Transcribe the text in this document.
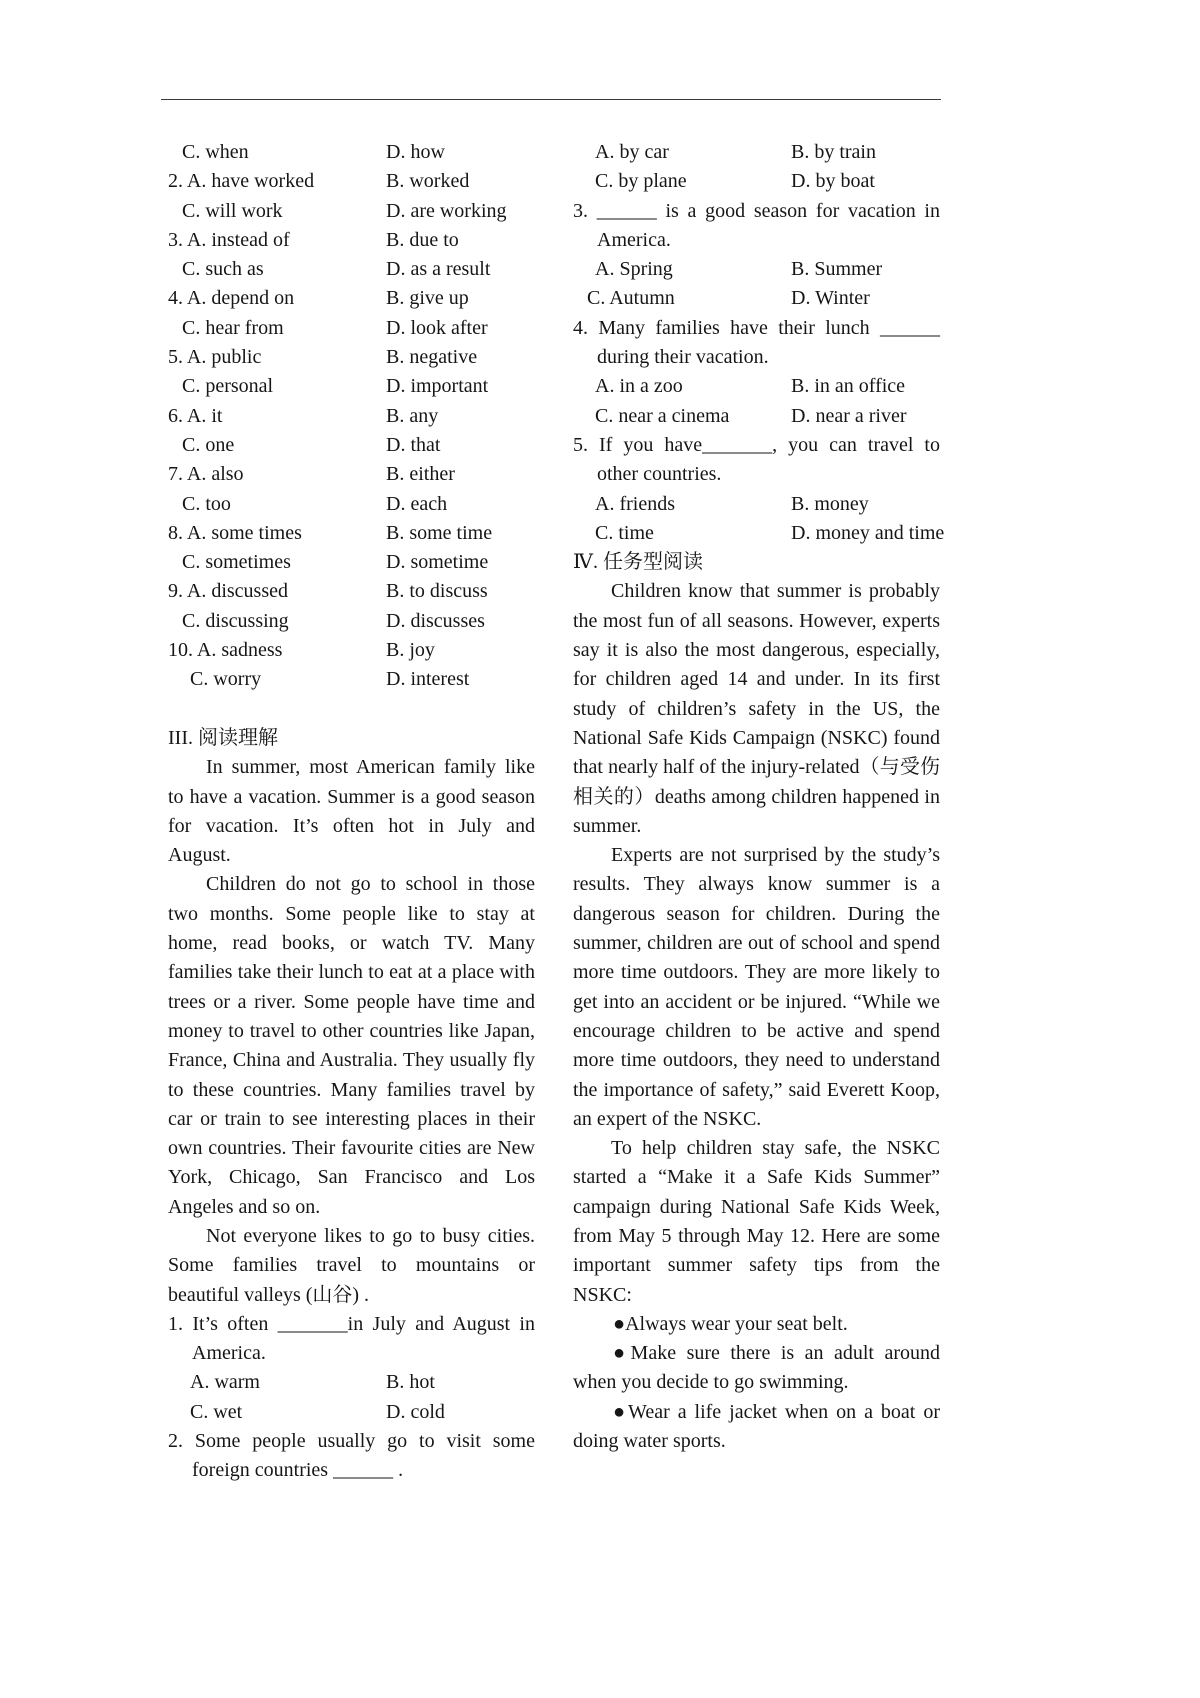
C. when	D. how
2. A. have worked	B. worked
C. will work	D. are working
3. A. instead of	B. due to
C. such as	D. as a result
4. A. depend on	B. give up
C. hear from	D. look after
5. A. public	B. negative
C. personal	D. important
6. A. it	B. any
C. one	D. that
7. A. also	B. either
C. too	D. each
8. A. some times	B. some time
C. sometimes	D. sometime
9. A. discussed	B. to discuss
C. discussing	D. discusses
10. A. sadness	B. joy
C. worry	D. interest
III. 阅读理解
In summer, most American family like to have a vacation. Summer is a good season for vacation. It’s often hot in July and August.
Children do not go to school in those two months. Some people like to stay at home, read books, or watch TV. Many families take their lunch to eat at a place with trees or a river. Some people have time and money to travel to other countries like Japan, France, China and Australia. They usually fly to these countries. Many families travel by car or train to see interesting places in their own countries. Their favourite cities are New York, Chicago, San Francisco and Los Angeles and so on.
Not everyone likes to go to busy cities. Some families travel to mountains or beautiful valleys (山谷) .
1. It’s often _______in July and August in America.
A. warm	B. hot
C. wet	D. cold
2. Some people usually go to visit some foreign countries ______ .
A. by car	B. by train
C. by plane	D. by boat
3. ______ is a good season for vacation in America.
A. Spring	B. Summer
C. Autumn	D. Winter
4. Many families have their lunch ______ during their vacation.
A. in a zoo	B. in an office
C. near a cinema	D. near a river
5. If you have_______, you can travel to other countries.
A. friends	B. money
C. time	D. money and time
Ⅳ. 任务型阅读
Children know that summer is probably the most fun of all seasons. However, experts say it is also the most dangerous, especially, for children aged 14 and under. In its first study of children’s safety in the US, the National Safe Kids Campaign (NSKC) found that nearly half of the injury-related（与受伤相关的）deaths among children happened in summer.
Experts are not surprised by the study’s results. They always know summer is a dangerous season for children. During the summer, children are out of school and spend more time outdoors. They are more likely to get into an accident or be injured. “While we encourage children to be active and spend more time outdoors, they need to understand the importance of safety,” said Everett Koop, an expert of the NSKC.
To help children stay safe, the NSKC started a “Make it a Safe Kids Summer” campaign during National Safe Kids Week, from May 5 through May 12. Here are some important summer safety tips from the NSKC:
●Always wear your seat belt.
●Make sure there is an adult around when you decide to go swimming.
●Wear a life jacket when on a boat or doing water sports.
